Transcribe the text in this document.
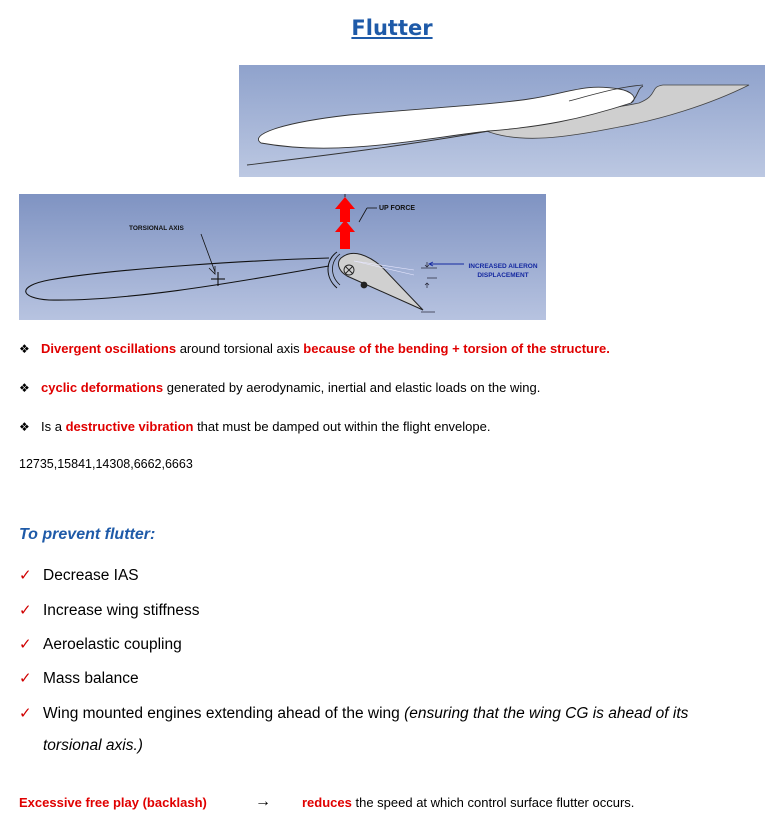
Flutter
UP FORCE
TORSIONAL AXIS
INCREASED AILERON
DISPLACEMENT
❖ Divergent oscillations around torsional axis because of the bending + torsion of the structure.
❖ cyclic deformations generated by aerodynamic, inertial and elastic loads on the wing.
❖ Is a destructive vibration that must be damped out within the flight envelope.
12735,15841,14308,6662,6663
To prevent flutter:
✓ Decrease IAS
✓ Increase wing stiffness
✓ Aeroelastic coupling
✓ Mass balance
✓ Wing mounted engines extending ahead of the wing (ensuring that the wing CG is ahead of its
torsional axis.)
Excessive free play (backlash)	→ reduces the speed at which control surface flutter occurs.
